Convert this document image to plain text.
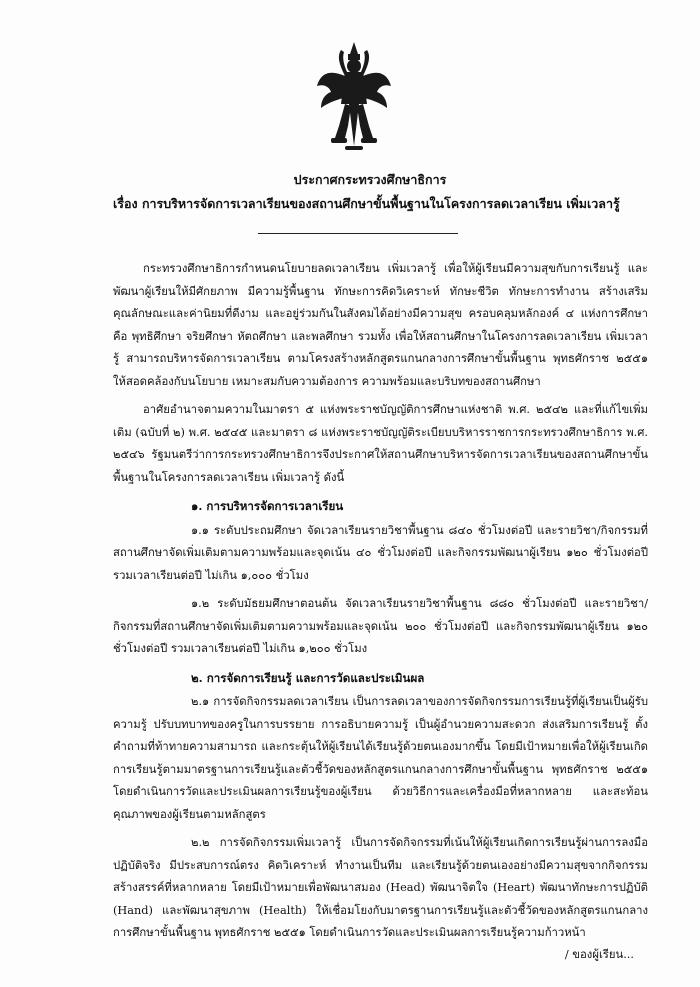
ประกาศกระทรวงศึกษาธิการ
เรื่อง การบริหารจัดการเวลาเรียนของสถานศึกษาขั้นพื้นฐานในโครงการลดเวลาเรียน เพิ่มเวลารู้

กระทรวงศึกษาธิการกำหนดนโยบายลดเวลาเรียน เพิ่มเวลารู้ เพื่อให้ผู้เรียนมีความสุขกับการเรียนรู้ และพัฒนาผู้เรียนให้มีศักยภาพ มีความรู้พื้นฐาน ทักษะการคิดวิเคราะห์ ทักษะชีวิต ทักษะการทำงาน สร้างเสริมคุณลักษณะและค่านิยมที่ดีงาม และอยู่ร่วมกันในสังคมได้อย่างมีความสุข ครอบคลุมหลักองค์ ๔ แห่งการศึกษา คือ พุทธิศึกษา จริยศึกษา หัตถศึกษา และพลศึกษา รวมทั้ง เพื่อให้สถานศึกษาในโครงการลดเวลาเรียน เพิ่มเวลารู้ สามารถบริหารจัดการเวลาเรียน ตามโครงสร้างหลักสูตรแกนกลางการศึกษาขั้นพื้นฐาน พุทธศักราช ๒๕๕๑ ให้สอดคล้องกับนโยบาย เหมาะสมกับความต้องการ ความพร้อมและบริบทของสถานศึกษา

อาศัยอำนาจตามความในมาตรา ๕ แห่งพระราชบัญญัติการศึกษาแห่งชาติ พ.ศ. ๒๕๔๒ และที่แก้ไขเพิ่มเติม (ฉบับที่ ๒) พ.ศ. ๒๕๔๕ และมาตรา ๘ แห่งพระราชบัญญัติระเบียบบริหารราชการกระทรวงศึกษาธิการ พ.ศ. ๒๕๔๖ รัฐมนตรีว่าการกระทรวงศึกษาธิการจึงประกาศให้สถานศึกษาบริหารจัดการเวลาเรียนของสถานศึกษาขั้นพื้นฐานในโครงการลดเวลาเรียน เพิ่มเวลารู้ ดังนี้

๑. การบริหารจัดการเวลาเรียน

๑.๑ ระดับประถมศึกษา จัดเวลาเรียนรายวิชาพื้นฐาน ๘๔๐ ชั่วโมงต่อปี และรายวิชา/กิจกรรมที่สถานศึกษาจัดเพิ่มเติมตามความพร้อมและจุดเน้น ๔๐ ชั่วโมงต่อปี และกิจกรรมพัฒนาผู้เรียน ๑๒๐ ชั่วโมงต่อปี รวมเวลาเรียนต่อปี ไม่เกิน ๑,๐๐๐ ชั่วโมง

๑.๒ ระดับมัธยมศึกษาตอนต้น จัดเวลาเรียนรายวิชาพื้นฐาน ๘๘๐ ชั่วโมงต่อปี และรายวิชา/กิจกรรมที่สถานศึกษาจัดเพิ่มเติมตามความพร้อมและจุดเน้น ๒๐๐ ชั่วโมงต่อปี และกิจกรรมพัฒนาผู้เรียน ๑๒๐ ชั่วโมงต่อปี รวมเวลาเรียนต่อปี ไม่เกิน ๑,๒๐๐ ชั่วโมง

๒. การจัดการเรียนรู้ และการวัดและประเมินผล

๒.๑ การจัดกิจกรรมลดเวลาเรียน เป็นการลดเวลาของการจัดกิจกรรมการเรียนรู้ที่ผู้เรียนเป็นผู้รับความรู้ ปรับบทบาทของครูในการบรรยาย การอธิบายความรู้ เป็นผู้อำนวยความสะดวก ส่งเสริมการเรียนรู้ ตั้งคำถามที่ท้าทายความสามารถ และกระตุ้นให้ผู้เรียนได้เรียนรู้ด้วยตนเองมากขึ้น โดยมีเป้าหมายเพื่อให้ผู้เรียนเกิดการเรียนรู้ตามมาตรฐานการเรียนรู้และตัวชี้วัดของหลักสูตรแกนกลางการศึกษาขั้นพื้นฐาน พุทธศักราช ๒๕๕๑ โดยดำเนินการวัดและประเมินผลการเรียนรู้ของผู้เรียน ด้วยวิธีการและเครื่องมือที่หลากหลาย และสะท้อนคุณภาพของผู้เรียนตามหลักสูตร

๒.๒ การจัดกิจกรรมเพิ่มเวลารู้ เป็นการจัดกิจกรรมที่เน้นให้ผู้เรียนเกิดการเรียนรู้ผ่านการลงมือปฏิบัติจริง มีประสบการณ์ตรง คิดวิเคราะห์ ทำงานเป็นทีม และเรียนรู้ด้วยตนเองอย่างมีความสุขจากกิจกรรมสร้างสรรค์ที่หลากหลาย โดยมีเป้าหมายเพื่อพัฒนาสมอง (Head) พัฒนาจิตใจ (Heart) พัฒนาทักษะการปฏิบัติ (Hand) และพัฒนาสุขภาพ (Health) ให้เชื่อมโยงกับมาตรฐานการเรียนรู้และตัวชี้วัดของหลักสูตรแกนกลางการศึกษาขั้นพื้นฐาน พุทธศักราช ๒๕๕๑ โดยดำเนินการวัดและประเมินผลการเรียนรู้ความก้าวหน้า

/ ของผู้เรียน...
